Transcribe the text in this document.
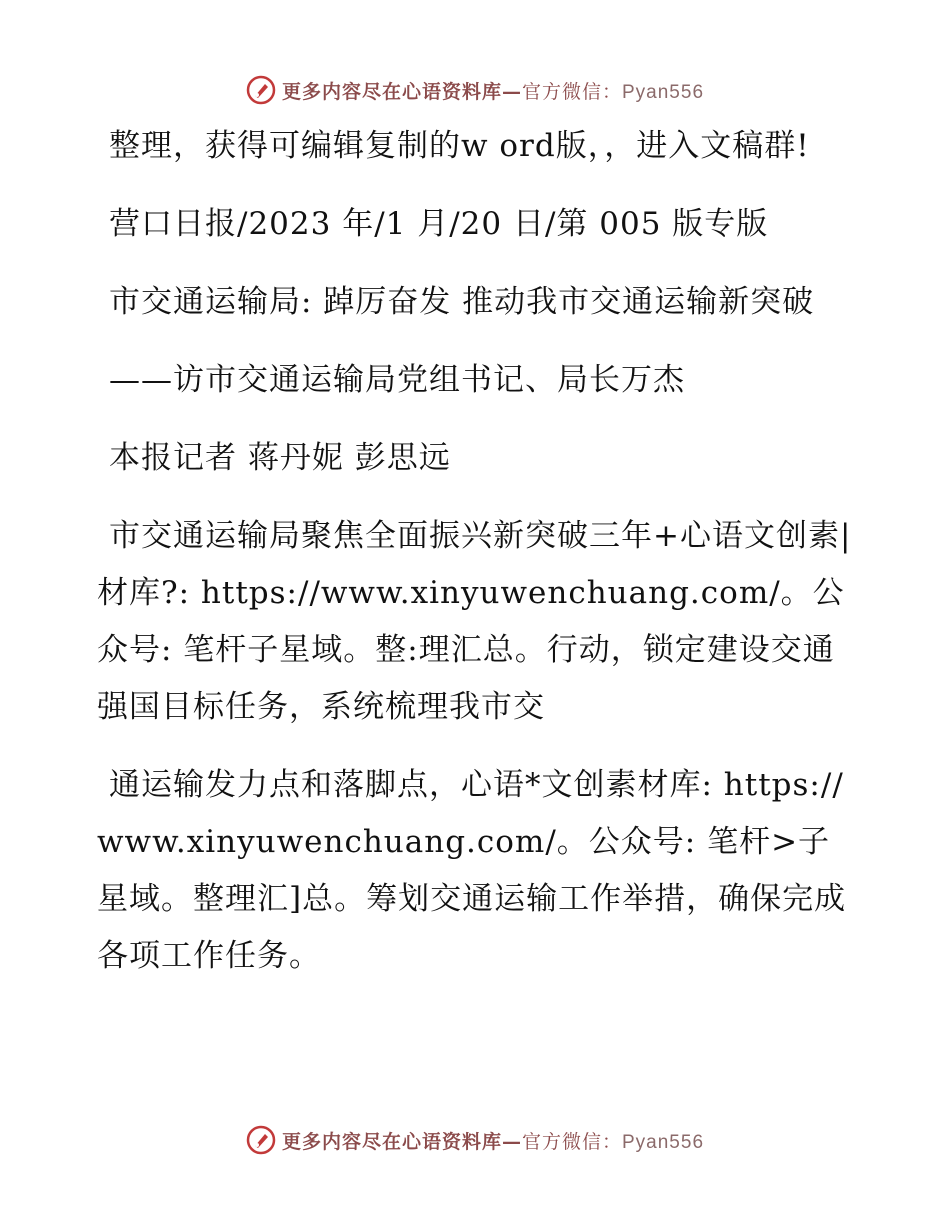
更多内容尽在心语资料库—官方微信：Pyan556

整理，获得可编辑复制的w ord版，，进入文稿群!

营口日报/2023 年/1 月/20 日/第 005 版专版

市交通运输局: 踔厉奋发 推动我市交通运输新突破

——访市交通运输局党组书记、局长万杰

本报记者 蒋丹妮 彭思远

市交通运输局聚焦全面振兴新突破三年+心语文创素|材库?: https://www.xinyuwenchuang.com/。公众号: 笔杆子星域。整:理汇总。行动，锁定建设交通强国目标任务，系统梳理我市交

通运输发力点和落脚点，心语*文创素材库: https://www.xinyuwenchuang.com/。公众号: 笔杆>子星域。整理汇]总。筹划交通运输工作举措，确保完成各项工作任务。

更多内容尽在心语资料库—官方微信：Pyan556
